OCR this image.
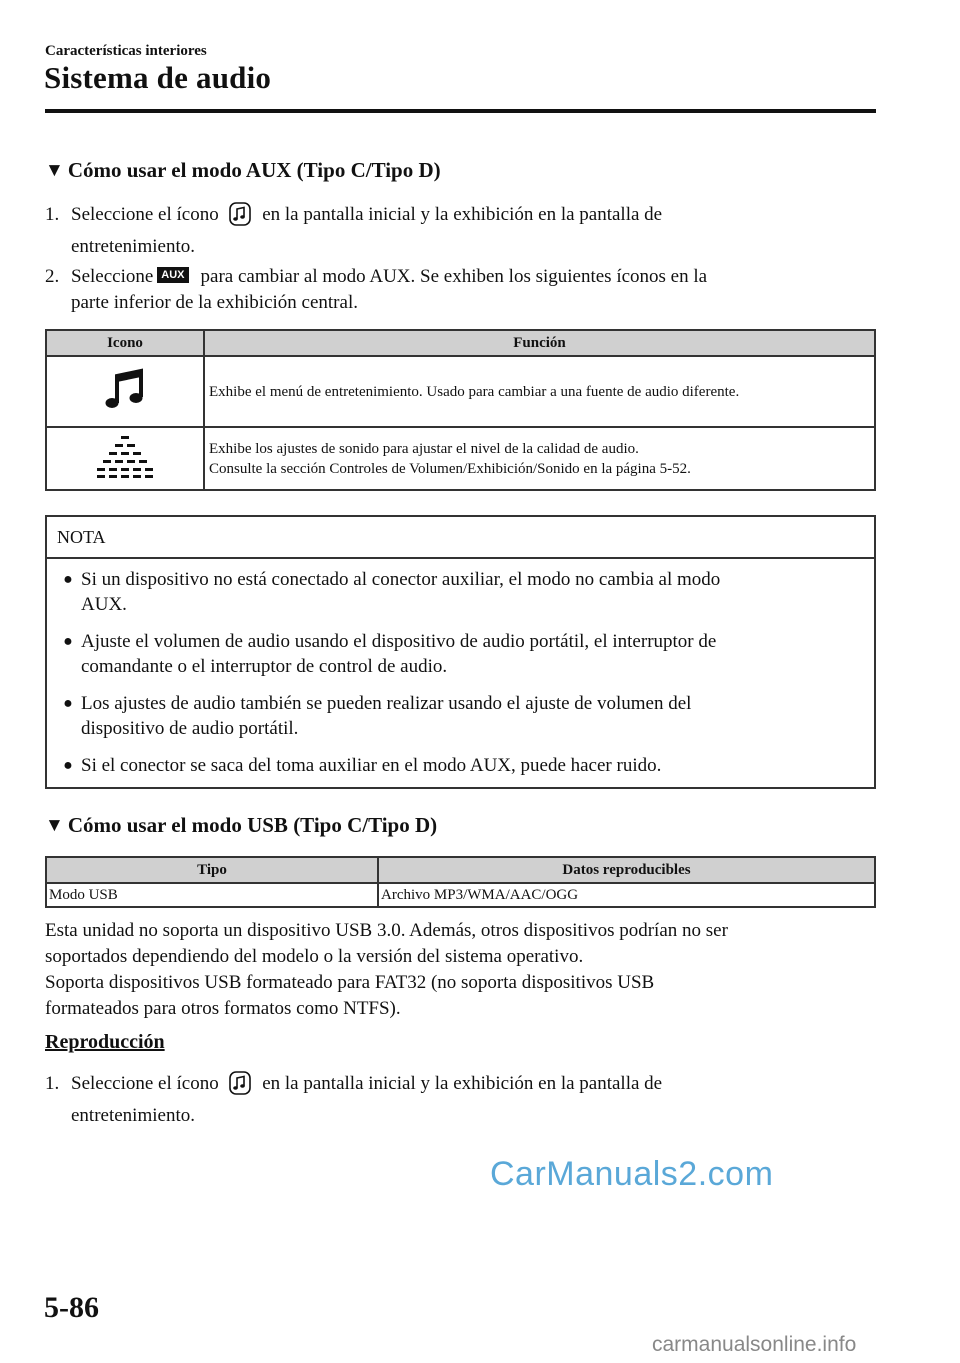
Características interiores
Sistema de audio
▼ Cómo usar el modo AUX (Tipo C/Tipo D)
1. Seleccione el ícono en la pantalla inicial y la exhibición en la pantalla de
entretenimiento.
2. Seleccione AUX para cambiar al modo AUX. Se exhiben los siguientes íconos en la
parte inferior de la exhibición central.
Icono	Función
	Exhibe el menú de entretenimiento. Usado para cambiar a una fuente de audio diferente.

Exhibe los ajustes de sonido para ajustar el nivel de la calidad de audio.
Consulte la sección Controles de Volumen/Exhibición/Sonido en la página 5-52.
NOTA
● Si un dispositivo no está conectado al conector auxiliar, el modo no cambia al modo
AUX.
● Ajuste el volumen de audio usando el dispositivo de audio portátil, el interruptor de
comandante o el interruptor de control de audio.
● Los ajustes de audio también se pueden realizar usando el ajuste de volumen del
dispositivo de audio portátil.
● Si el conector se saca del toma auxiliar en el modo AUX, puede hacer ruido.
▼ Cómo usar el modo USB (Tipo C/Tipo D)
Tipo	Datos reproducibles
Modo USB	Archivo MP3/WMA/AAC/OGG
Esta unidad no soporta un dispositivo USB 3.0. Además, otros dispositivos podrían no ser
soportados dependiendo del modelo o la versión del sistema operativo.
Soporta dispositivos USB formateado para FAT32 (no soporta dispositivos USB
formateados para otros formatos como NTFS).
Reproducción
1. Seleccione el ícono en la pantalla inicial y la exhibición en la pantalla de
entretenimiento.
CarManuals2.com
5-86
carmanualsonline.info
